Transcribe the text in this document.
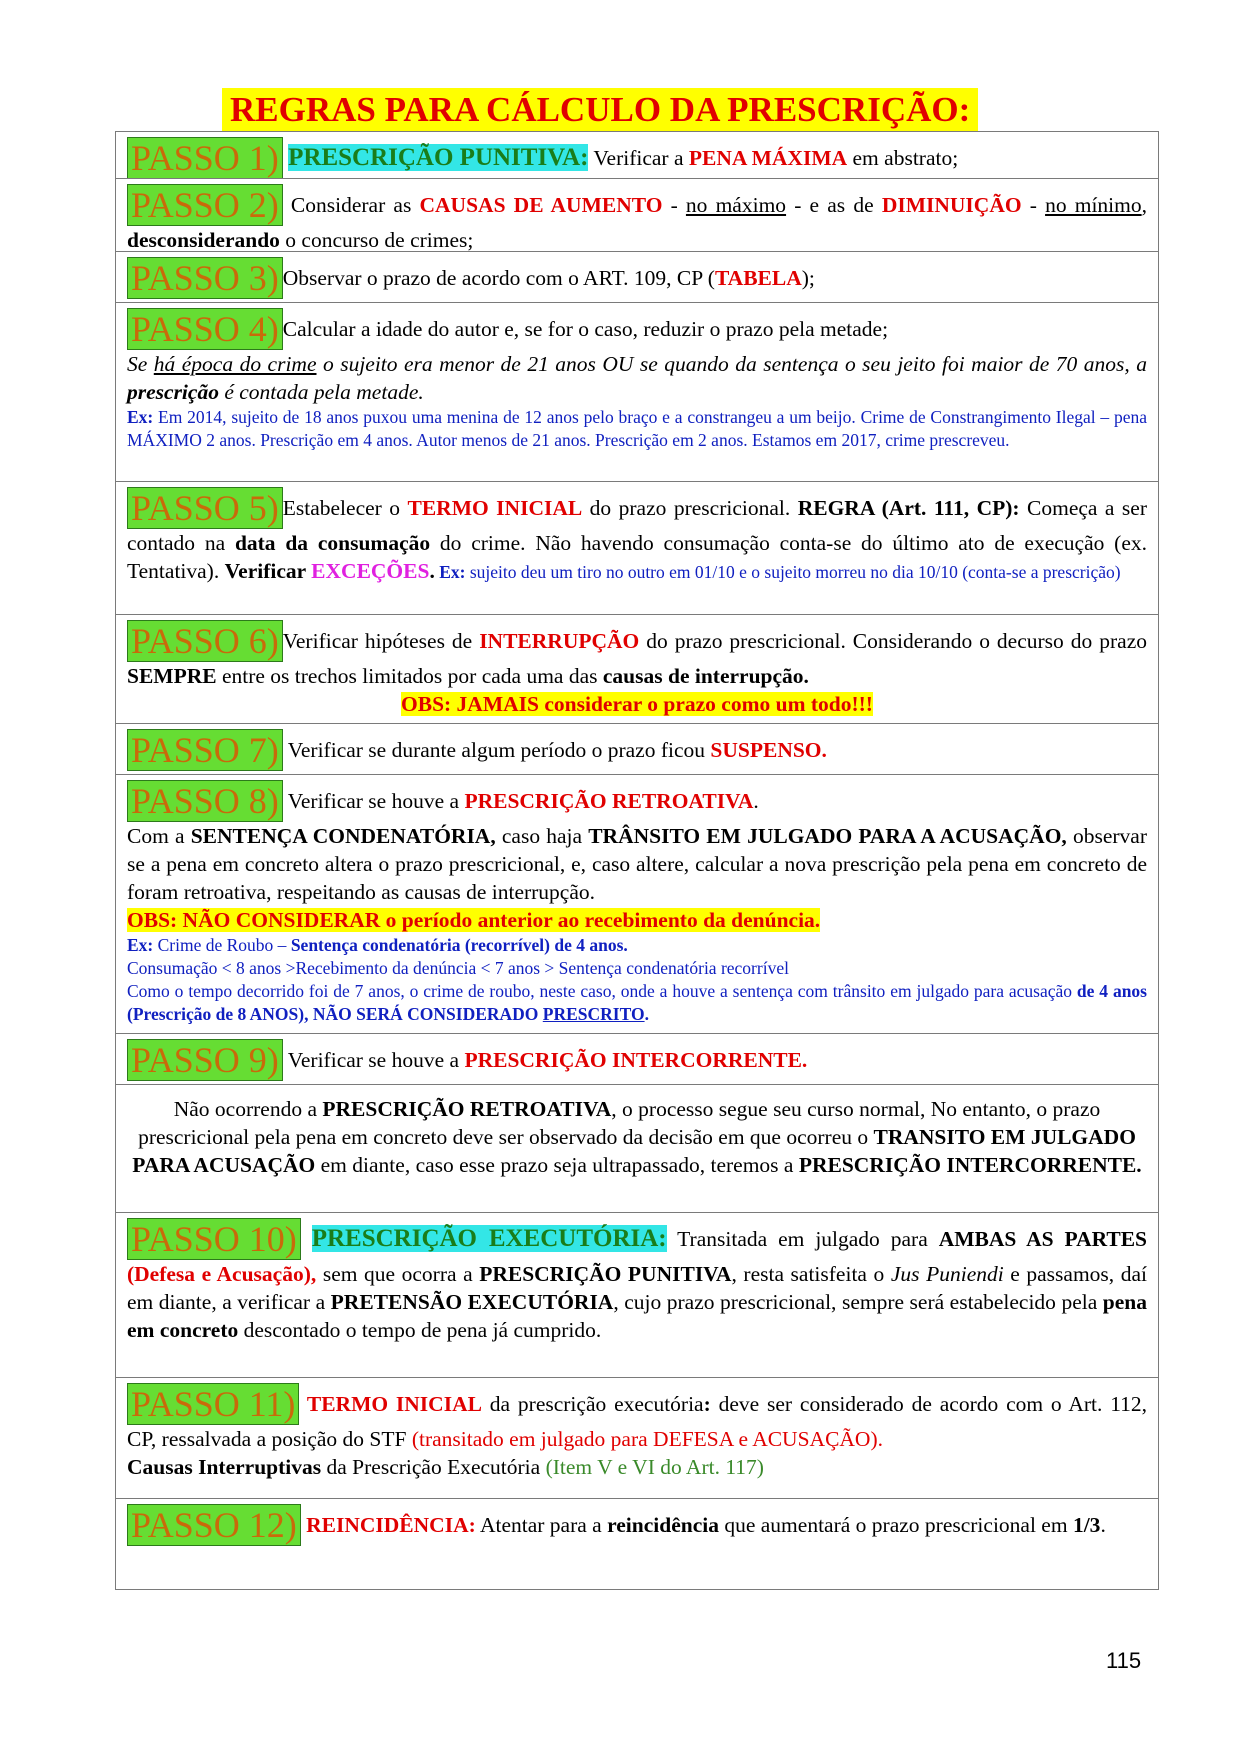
REGRAS PARA CÁLCULO DA PRESCRIÇÃO:
PASSO 1) PRESCRIÇÃO PUNITIVA: Verificar a PENA MÁXIMA em abstrato;
PASSO 2) Considerar as CAUSAS DE AUMENTO - no máximo - e as de DIMINUIÇÃO - no mínimo, desconsiderando o concurso de crimes;
PASSO 3) Observar o prazo de acordo com o ART. 109, CP (TABELA);
PASSO 4) Calcular a idade do autor e, se for o caso, reduzir o prazo pela metade;
Se há época do crime o sujeito era menor de 21 anos OU se quando da sentença o seu jeito foi maior de 70 anos, a prescrição é contada pela metade.
Ex: Em 2014, sujeito de 18 anos puxou uma menina de 12 anos pelo braço e a constrangeu a um beijo. Crime de Constrangimento Ilegal – pena MÁXIMO 2 anos. Prescrição em 4 anos. Autor menos de 21 anos. Prescrição em 2 anos. Estamos em 2017, crime prescreveu.
PASSO 5) Estabelecer o TERMO INICIAL do prazo prescricional. REGRA (Art. 111, CP): Começa a ser contado na data da consumação do crime. Não havendo consumação conta-se do último ato de execução (ex. Tentativa). Verificar EXCEÇÕES. Ex: sujeito deu um tiro no outro em 01/10 e o sujeito morreu no dia 10/10 (conta-se a prescrição)
PASSO 6) Verificar hipóteses de INTERRUPÇÃO do prazo prescricional. Considerando o decurso do prazo SEMPRE entre os trechos limitados por cada uma das causas de interrupção.
OBS: JAMAIS considerar o prazo como um todo!!!
PASSO 7) Verificar se durante algum período o prazo ficou SUSPENSO.
PASSO 8) Verificar se houve a PRESCRIÇÃO RETROATIVA.
Com a SENTENÇA CONDENATÓRIA, caso haja TRÂNSITO EM JULGADO PARA A ACUSAÇÃO, observar se a pena em concreto altera o prazo prescricional, e, caso altere, calcular a nova prescrição pela pena em concreto de foram retroativa, respeitando as causas de interrupção.
OBS: NÃO CONSIDERAR o período anterior ao recebimento da denúncia.
Ex: Crime de Roubo – Sentença condenatória (recorrível) de 4 anos.
Consumação < 8 anos >Recebimento da denúncia < 7 anos > Sentença condenatória recorrível
Como o tempo decorrido foi de 7 anos, o crime de roubo, neste caso, onde a houve a sentença com trânsito em julgado para acusação de 4 anos (Prescrição de 8 ANOS), NÃO SERÁ CONSIDERADO PRESCRITO.
PASSO 9) Verificar se houve a PRESCRIÇÃO INTERCORRENTE.
Não ocorrendo a PRESCRIÇÃO RETROATIVA, o processo segue seu curso normal, No entanto, o prazo prescricional pela pena em concreto deve ser observado da decisão em que ocorreu o TRANSITO EM JULGADO PARA ACUSAÇÃO em diante, caso esse prazo seja ultrapassado, teremos a PRESCRIÇÃO INTERCORRENTE.
PASSO 10) PRESCRIÇÃO EXECUTÓRIA: Transitada em julgado para AMBAS AS PARTES (Defesa e Acusação), sem que ocorra a PRESCRIÇÃO PUNITIVA, resta satisfeita o Jus Puniendi e passamos, daí em diante, a verificar a PRETENSÃO EXECUTÓRIA, cujo prazo prescricional, sempre será estabelecido pela pena em concreto descontado o tempo de pena já cumprido.
PASSO 11) TERMO INICIAL da prescrição executória: deve ser considerado de acordo com o Art. 112, CP, ressalvada a posição do STF (transitado em julgado para DEFESA e ACUSAÇÃO).
Causas Interruptivas da Prescrição Executória (Item V e VI do Art. 117)
PASSO 12) REINCIDÊNCIA: Atentar para a reincidência que aumentará o prazo prescricional em 1/3.
115
